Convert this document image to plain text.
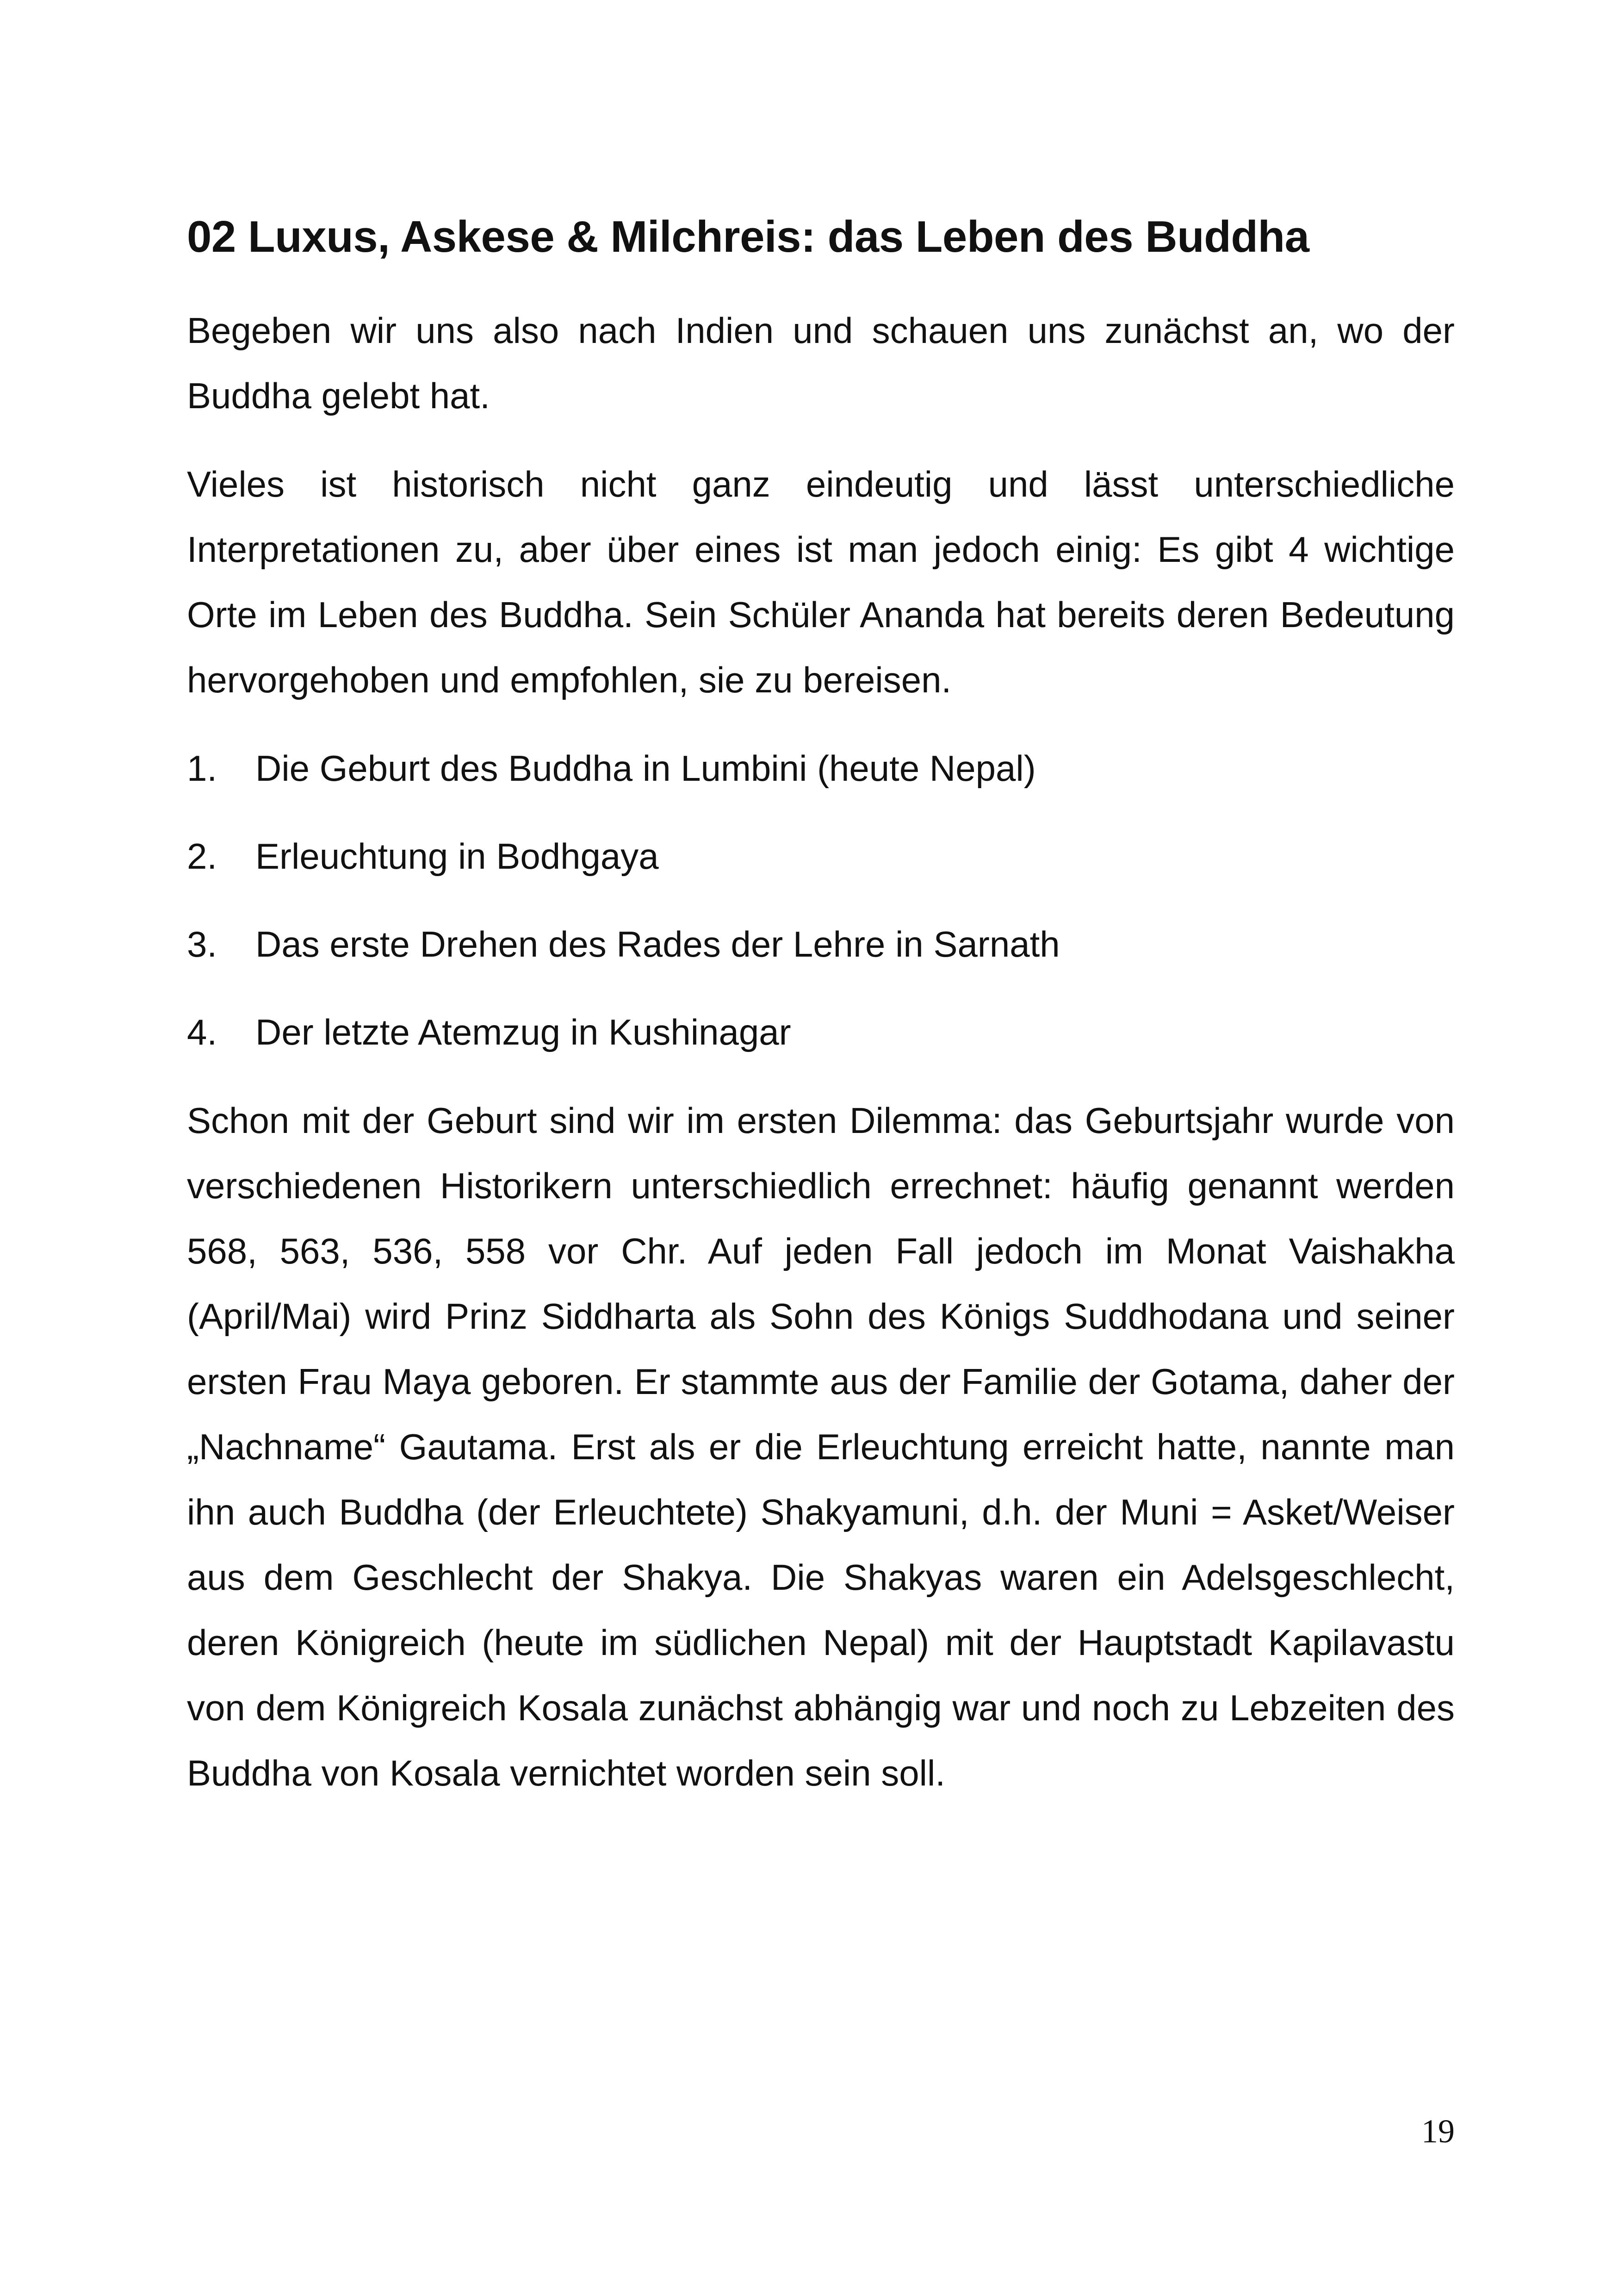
02 Luxus, Askese & Milchreis: das Leben des Buddha

Begeben wir uns also nach Indien und schauen uns zunächst an, wo der Buddha gelebt hat.

Vieles ist historisch nicht ganz eindeutig und lässt unterschiedliche Interpretationen zu, aber über eines ist man jedoch einig: Es gibt 4 wichtige Orte im Leben des Buddha. Sein Schüler Ananda hat bereits deren Bedeutung hervorgehoben und empfohlen, sie zu bereisen.

1.	Die Geburt des Buddha in Lumbini (heute Nepal)
2.	Erleuchtung in Bodhgaya
3.	Das erste Drehen des Rades der Lehre in Sarnath
4.	Der letzte Atemzug in Kushinagar

Schon mit der Geburt sind wir im ersten Dilemma: das Geburtsjahr wurde von verschiedenen Historikern unterschiedlich errechnet: häufig genannt werden 568, 563, 536, 558 vor Chr. Auf jeden Fall jedoch im Monat Vaishakha (April/Mai) wird Prinz Siddharta als Sohn des Königs Suddhodana und seiner ersten Frau Maya geboren. Er stammte aus der Familie der Gotama, daher der „Nachname“ Gautama. Erst als er die Erleuchtung erreicht hatte, nannte man ihn auch Buddha (der Erleuchtete) Shakyamuni, d.h. der Muni = Asket/Weiser aus dem Geschlecht der Shakya. Die Shakyas waren ein Adelsgeschlecht, deren Königreich (heute im südlichen Nepal) mit der Hauptstadt Kapilavastu von dem Königreich Kosala zunächst abhängig war und noch zu Lebzeiten des Buddha von Kosala vernichtet worden sein soll.

19
